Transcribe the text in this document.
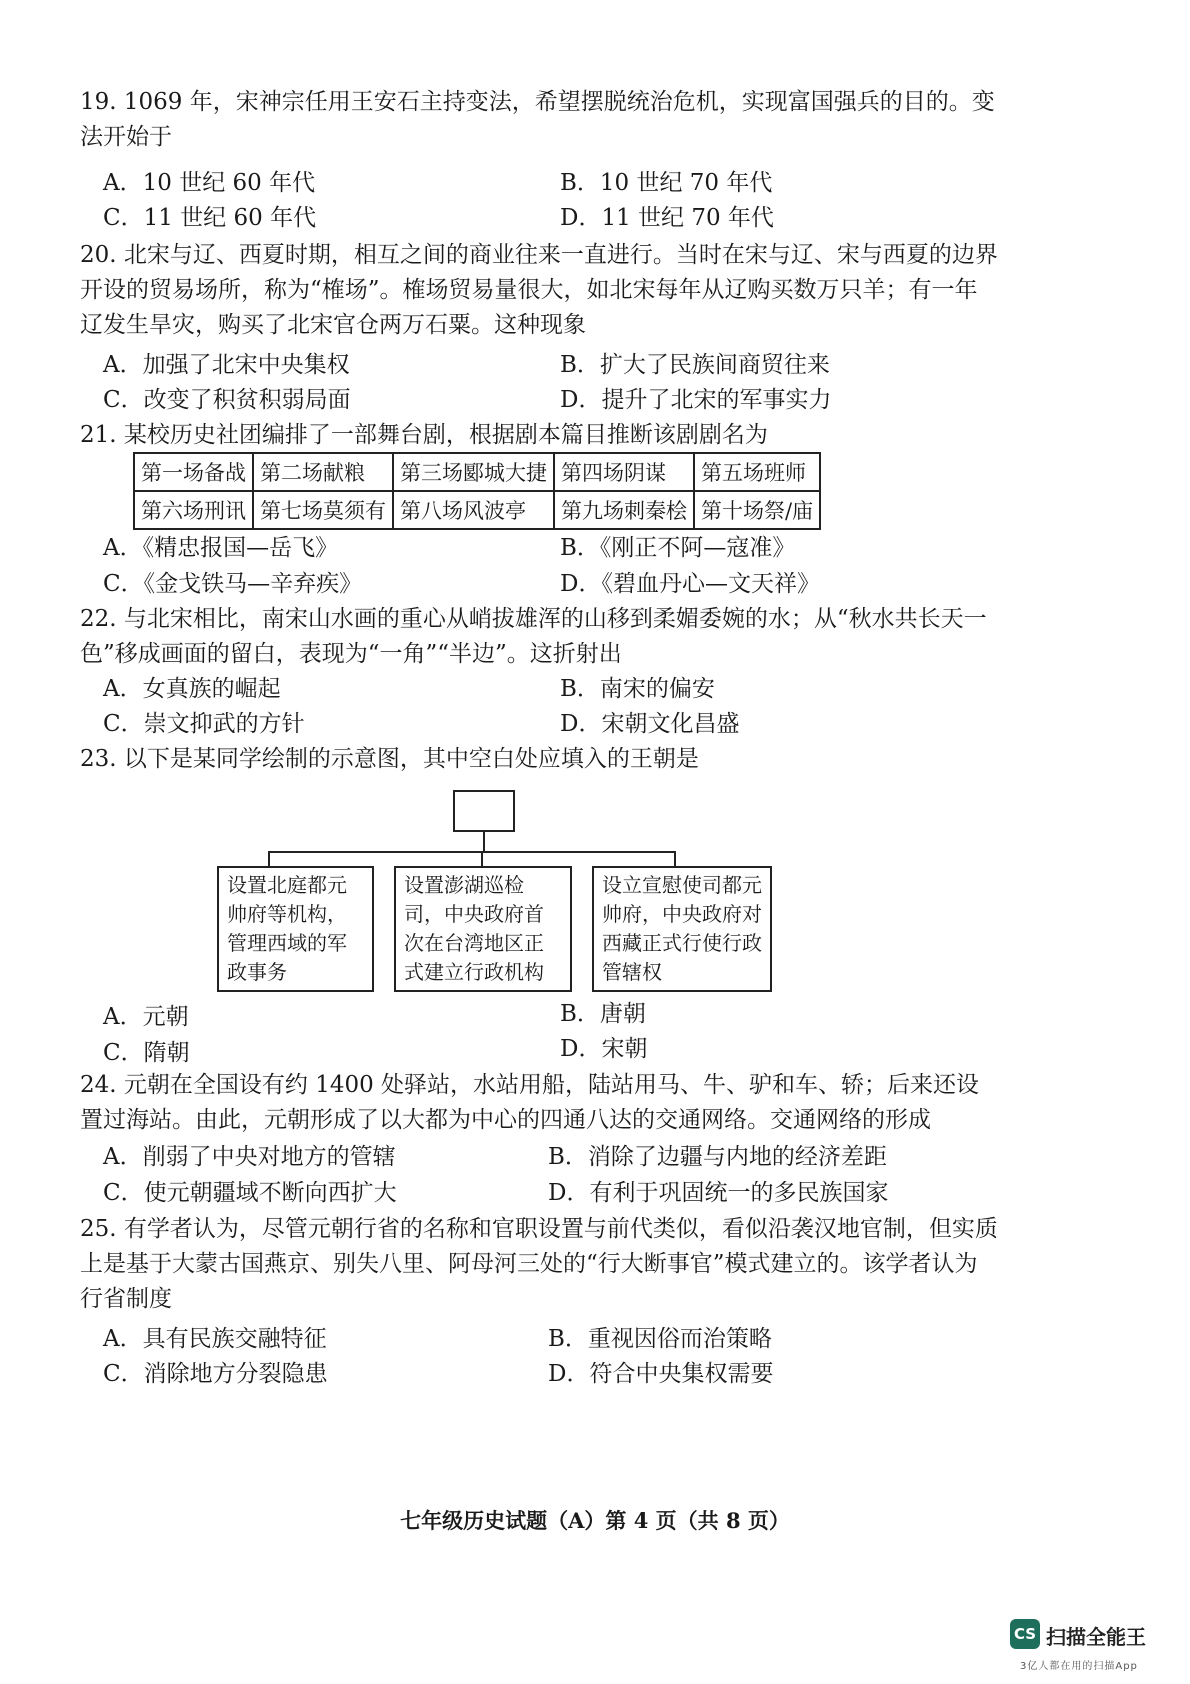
19. 1069 年，宋神宗任用王安石主持变法，希望摆脱统治危机，实现富国强兵的目的。变法开始于
A．10 世纪 60 年代	B．10 世纪 70 年代
C．11 世纪 60 年代	D．11 世纪 70 年代
20. 北宋与辽、西夏时期，相互之间的商业往来一直进行。当时在宋与辽、宋与西夏的边界开设的贸易场所，称为“榷场”。榷场贸易量很大，如北宋每年从辽购买数万只羊；有一年辽发生旱灾，购买了北宋官仓两万石粟。这种现象
A．加强了北宋中央集权	B．扩大了民族间商贸往来
C．改变了积贫积弱局面	D．提升了北宋的军事实力
21. 某校历史社团编排了一部舞台剧，根据剧本篇目推断该剧剧名为
第一场备战	第二场献粮	第三场郾城大捷	第四场阴谋	第五场班师
第六场刑讯	第七场莫须有	第八场风波亭	第九场刺秦桧	第十场祭/庙
A．《精忠报国—岳飞》	B．《刚正不阿—寇准》
C．《金戈铁马—辛弃疾》	D．《碧血丹心—文天祥》
22. 与北宋相比，南宋山水画的重心从峭拔雄浑的山移到柔媚委婉的水；从“秋水共长天一色”移成画面的留白，表现为“一角”“半边”。这折射出
A．女真族的崛起	B．南宋的偏安
C．崇文抑武的方针	D．宋朝文化昌盛
23. 以下是某同学绘制的示意图，其中空白处应填入的王朝是
设置北庭都元帅府等机构，管理西域的军政事务
设置澎湖巡检司，中央政府首次在台湾地区正式建立行政机构
设立宣慰使司都元帅府，中央政府对西藏正式行使行政管辖权
A．元朝	B．唐朝
C．隋朝	D．宋朝
24. 元朝在全国设有约 1400 处驿站，水站用船，陆站用马、牛、驴和车、轿；后来还设置过海站。由此，元朝形成了以大都为中心的四通八达的交通网络。交通网络的形成
A．削弱了中央对地方的管辖	B．消除了边疆与内地的经济差距
C．使元朝疆域不断向西扩大	D．有利于巩固统一的多民族国家
25. 有学者认为，尽管元朝行省的名称和官职设置与前代类似，看似沿袭汉地官制，但实质上是基于大蒙古国燕京、别失八里、阿母河三处的“行大断事官”模式建立的。该学者认为行省制度
A．具有民族交融特征	B．重视因俗而治策略
C．消除地方分裂隐患	D．符合中央集权需要
七年级历史试题（A）第 4 页（共 8 页）
CS 扫描全能王
3亿人都在用的扫描App
